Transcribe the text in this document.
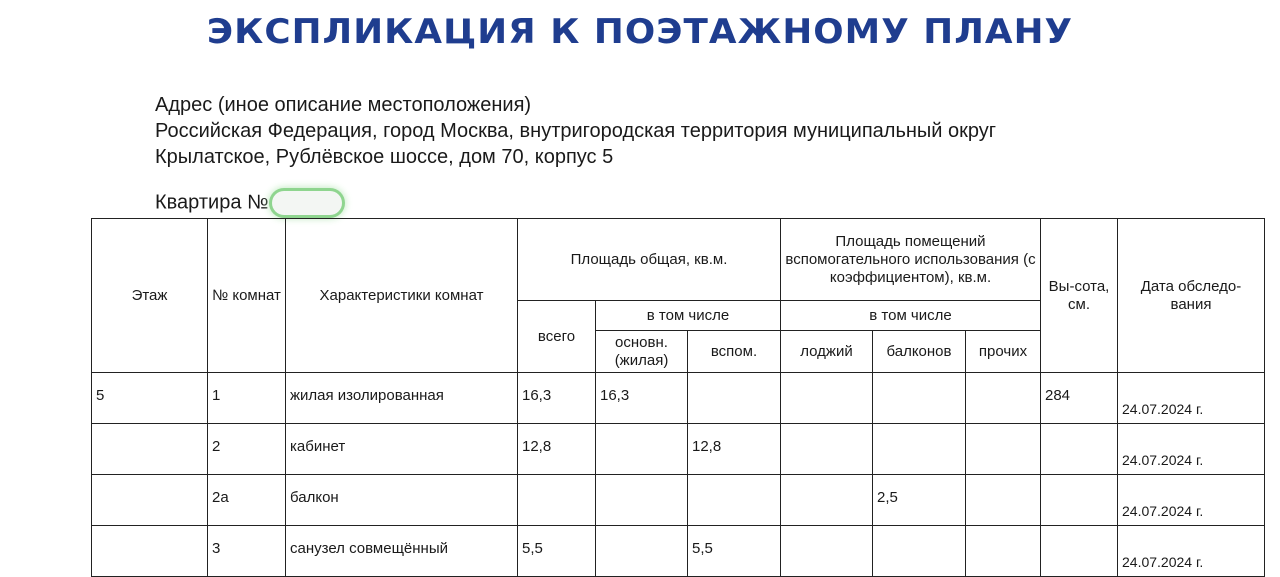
ЭКСПЛИКАЦИЯ К ПОЭТАЖНОМУ ПЛАНУ
Адрес (иное описание местоположения)
Российская Федерация, город Москва, внутригородская территория муниципальный округ
Крылатское, Рублёвское шоссе, дом 70, корпус 5
Квартира №
Этаж	№ комнат	Характеристики комнат	Площадь общая, кв.м.			Площадь помещений вспомогательного использования (с коэффициентом), кв.м.			Вы-сота, см.	Дата обследо-вания
			всего	в том числе		в том числе				
				основн. (жилая)	вспом.	лоджий	балконов	прочих		
5	1	жилая изолированная	16,3	16,3					284	24.07.2024 г.
	2	кабинет	12,8		12,8					24.07.2024 г.
	2а	балкон					2,5			24.07.2024 г.
	3	санузел совмещённый	5,5		5,5					24.07.2024 г.
